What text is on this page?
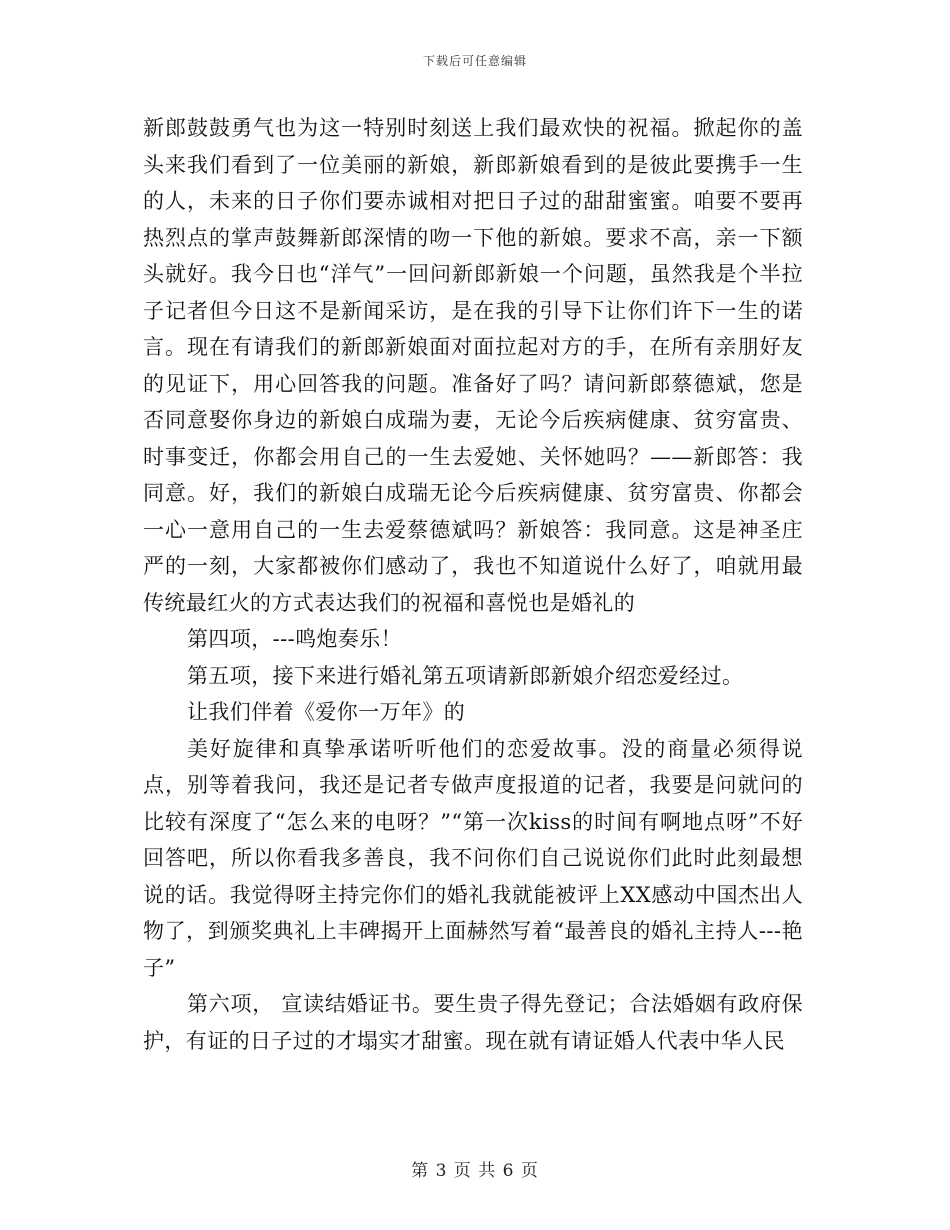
下载后可任意编辑

新郎鼓鼓勇气也为这一特别时刻送上我们最欢快的祝福。掀起你的盖头来我们看到了一位美丽的新娘，新郎新娘看到的是彼此要携手一生的人，未来的日子你们要赤诚相对把日子过的甜甜蜜蜜。咱要不要再热烈点的掌声鼓舞新郎深情的吻一下他的新娘。要求不高，亲一下额头就好。我今日也“洋气”一回问新郎新娘一个问题，虽然我是个半拉子记者但今日这不是新闻采访，是在我的引导下让你们许下一生的诺言。现在有请我们的新郎新娘面对面拉起对方的手，在所有亲朋好友的见证下，用心回答我的问题。准备好了吗？请问新郎蔡德斌，您是否同意娶你身边的新娘白成瑞为妻，无论今后疾病健康、贫穷富贵、时事变迁，你都会用自己的一生去爱她、关怀她吗？——新郎答：我同意。好，我们的新娘白成瑞无论今后疾病健康、贫穷富贵、你都会一心一意用自己的一生去爱蔡德斌吗？新娘答：我同意。这是神圣庄严的一刻，大家都被你们感动了，我也不知道说什么好了，咱就用最传统最红火的方式表达我们的祝福和喜悦也是婚礼的

第四项，---鸣炮奏乐！

第五项，接下来进行婚礼第五项请新郎新娘介绍恋爱经过。

让我们伴着《爱你一万年》的

美好旋律和真挚承诺听听他们的恋爱故事。没的商量必须得说点，别等着我问，我还是记者专做声度报道的记者，我要是问就问的比较有深度了“怎么来的电呀？”“第一次kiss的时间有啊地点呀”不好回答吧，所以你看我多善良，我不问你们自己说说你们此时此刻最想说的话。我觉得呀主持完你们的婚礼我就能被评上XX感动中国杰出人物了，到颁奖典礼上丰碑揭开上面赫然写着“最善良的婚礼主持人---艳子”

第六项， 宣读结婚证书。要生贵子得先登记；合法婚姻有政府保护，有证的日子过的才塌实才甜蜜。现在就有请证婚人代表中华人民

第 3 页 共 6 页
